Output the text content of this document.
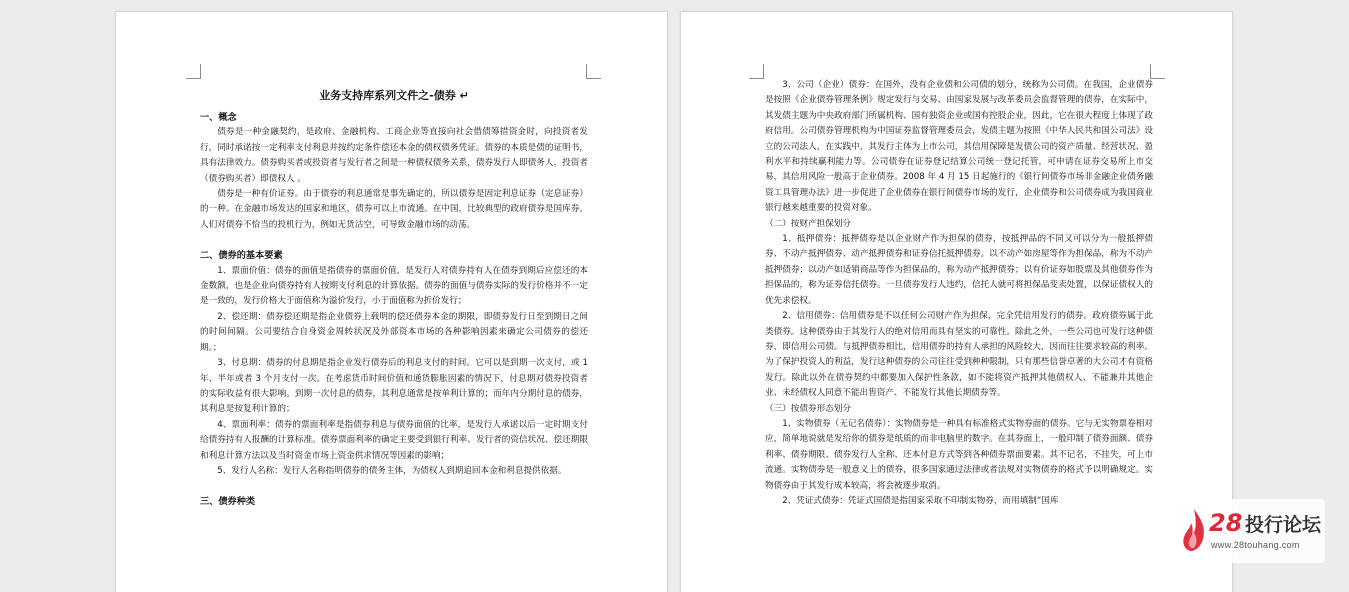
业务支持库系列文件之-债券 ↵
一、概念

债券是一种金融契约，是政府、金融机构、工商企业等直接向社会借债筹措资金时，向投资者发行，同时承诺按一定利率支付利息并按约定条件偿还本金的债权债务凭证。债券的本质是债的证明书，具有法律效力。债券购买者或投资者与发行者之间是一种债权债务关系，债券发行人即债务人，投资者（债券购买者）即债权人 。

债券是一种有价证券。由于债券的利息通常是事先确定的，所以债券是固定利息证券（定息证券）的一种。在金融市场发达的国家和地区，债券可以上市流通。在中国，比较典型的政府债券是国库券。人们对债券不恰当的投机行为，例如无货沽空，可导致金融市场的动荡。

二、债券的基本要素

1、票面价值：债券的面值是指债券的票面价值，是发行人对债券持有人在债券到期后应偿还的本金数额，也是企业向债券持有人按期支付利息的计算依据。债券的面值与债券实际的发行价格并不一定是一致的，发行价格大于面值称为溢价发行，小于面值称为折价发行；

2、偿还期：债券偿还期是指企业债券上载明的偿还债券本金的期限，即债券发行日至到期日之间的时间间隔。公司要结合自身资金周转状况及外部资本市场的各种影响因素来确定公司债券的偿还期。；

3、付息期：债券的付息期是指企业发行债券后的利息支付的时间。它可以是到期一次支付，或 1 年、半年或者 3 个月支付一次。在考虑货币时间价值和通货膨胀因素的情况下，付息期对债券投资者的实际收益有很大影响。到期一次付息的债券，其利息通常是按单利计算的；而年内分期付息的债券，其利息是按复利计算的；

4、票面利率：债券的票面利率是指债券利息与债券面值的比率，是发行人承诺以后一定时期支付给债券持有人报酬的计算标准。债券票面利率的确定主要受到银行利率、发行者的资信状况、偿还期限和利息计算方法以及当时资金市场上资金供求情况等因素的影响；

5、发行人名称：发行人名称指明债券的债务主体，为债权人到期追回本金和利息提供依据。

三、债券种类

3、公司（企业）债券：在国外，没有企业债和公司债的划分，统称为公司债。在我国，企业债券是按照《企业债券管理条例》规定发行与交易、由国家发展与改革委员会监督管理的债券，在实际中，其发债主题为中央政府部门所属机构、国有独资企业或国有控股企业，因此，它在很大程度上体现了政府信用。公司债券管理机构为中国证券监督管理委员会，发债主题为按照《中华人民共和国公司法》设立的公司法人，在实践中，其发行主体为上市公司，其信用保障是发债公司的资产质量、经营状况、盈利水平和持续赢利能力等。公司债券在证券登记结算公司统一登记托管，可申请在证券交易所上市交易，其信用风险一般高于企业债券。2008 年 4 月 15 日起施行的《银行间债券市场非金融企业债务融资工具管理办法》进一步促进了企业债券在银行间债券市场的发行，企业债券和公司债券成为我国商业银行越来越重要的投资对象。

（二）按财产担保划分

1、抵押债券：抵押债券是以企业财产作为担保的债券，按抵押品的不同又可以分为一般抵押债券、不动产抵押债券、动产抵押债券和证券信托抵押债券。以不动产如房屋等作为担保品，称为不动产抵押债券；以动产如适销商品等作为担保品的，称为动产抵押债券；以有价证券如股票及其他债券作为担保品的，称为证券信托债券。一旦债券发行人违约，信托人就可将担保品变卖处置，以保证债权人的优先求偿权。

2、信用债券：信用债券是不以任何公司财产作为担保，完全凭信用发行的债券。政府债券属于此类债券。这种债券由于其发行人的绝对信用而具有坚实的可靠性。除此之外，一些公司也可发行这种债券，即信用公司债。与抵押债券相比，信用债券的持有人承担的风险较大，因而往往要求较高的利率。为了保护投资人的利益，发行这种债券的公司往往受到种种限制，只有那些信誉卓著的大公司才有资格发行。除此以外在债券契约中都要加入保护性条款，如不能将资产抵押其他债权人、不能兼并其他企业、未经债权人同意不能出售资产、不能发行其他长期债券等。

（三）按债券形态划分

1、实物债券（无记名债券）：实物债券是一种具有标准格式实物券面的债券。它与无实物票卷相对应，简单地说就是发给你的债券是纸质的而非电脑里的数字。在其券面上，一般印制了债券面额、债券利率、债券期限、债券发行人全称、还本付息方式等到各种债券票面要素。其不记名，不挂失，可上市流通。实物债券是一般意义上的债券，很多国家通过法律或者法规对实物债券的格式予以明确规定。实物债券由于其发行成本较高，将会被逐步取消。

2、凭证式债券：凭证式国债是指国家采取不印制实物券，而用填制“国库

28 投行论坛
www.28touhang.com
